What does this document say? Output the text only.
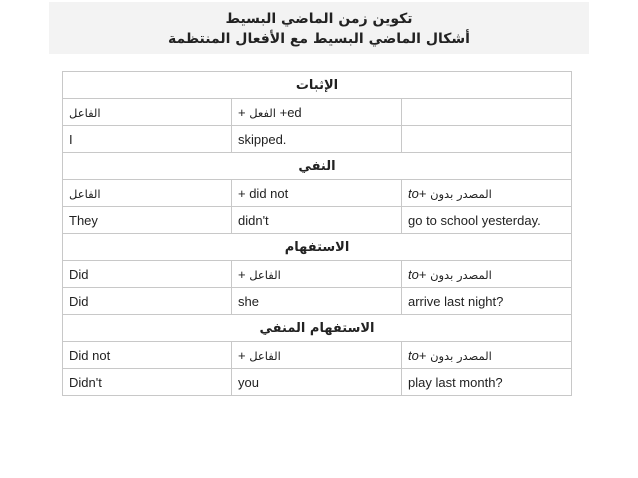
تكوين زمن الماضي البسيط
أشكال الماضي البسيط مع الأفعال المنتظمة
الإثبات		
الفاعل	+ الفعل +ed	
I	skipped.	
النفي		
الفاعل	+ did not	المصدر بدون +to
They	didn't	go to school yesterday.
الاستفهام		
Did	الفاعل +	المصدر بدون +to
Did	she	arrive last night?
الاستفهام المنفي		
Did not	الفاعل +	المصدر بدون +to
Didn't	you	play last month?
